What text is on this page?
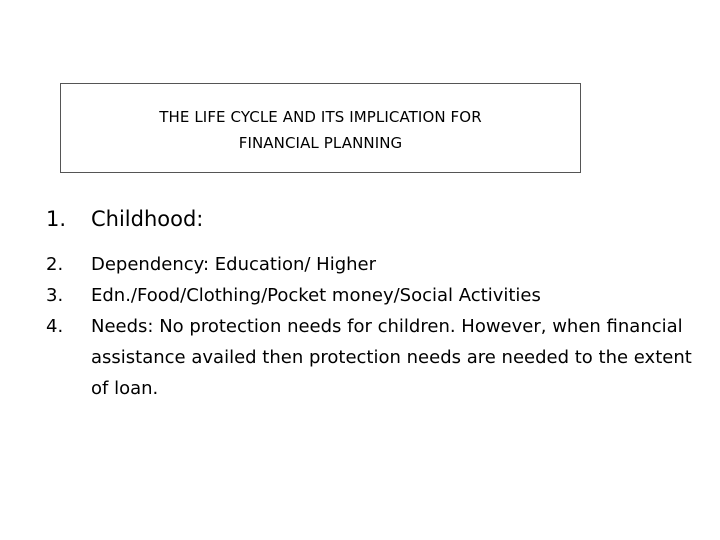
THE LIFE CYCLE AND ITS IMPLICATION FOR
FINANCIAL PLANNING
1.	Childhood:
2.	Dependency: Education/ Higher
3.	Edn./Food/Clothing/Pocket money/Social Activities
4.	Needs: No protection needs for children. However, when financial assistance availed then protection needs are needed to the extent of loan.
